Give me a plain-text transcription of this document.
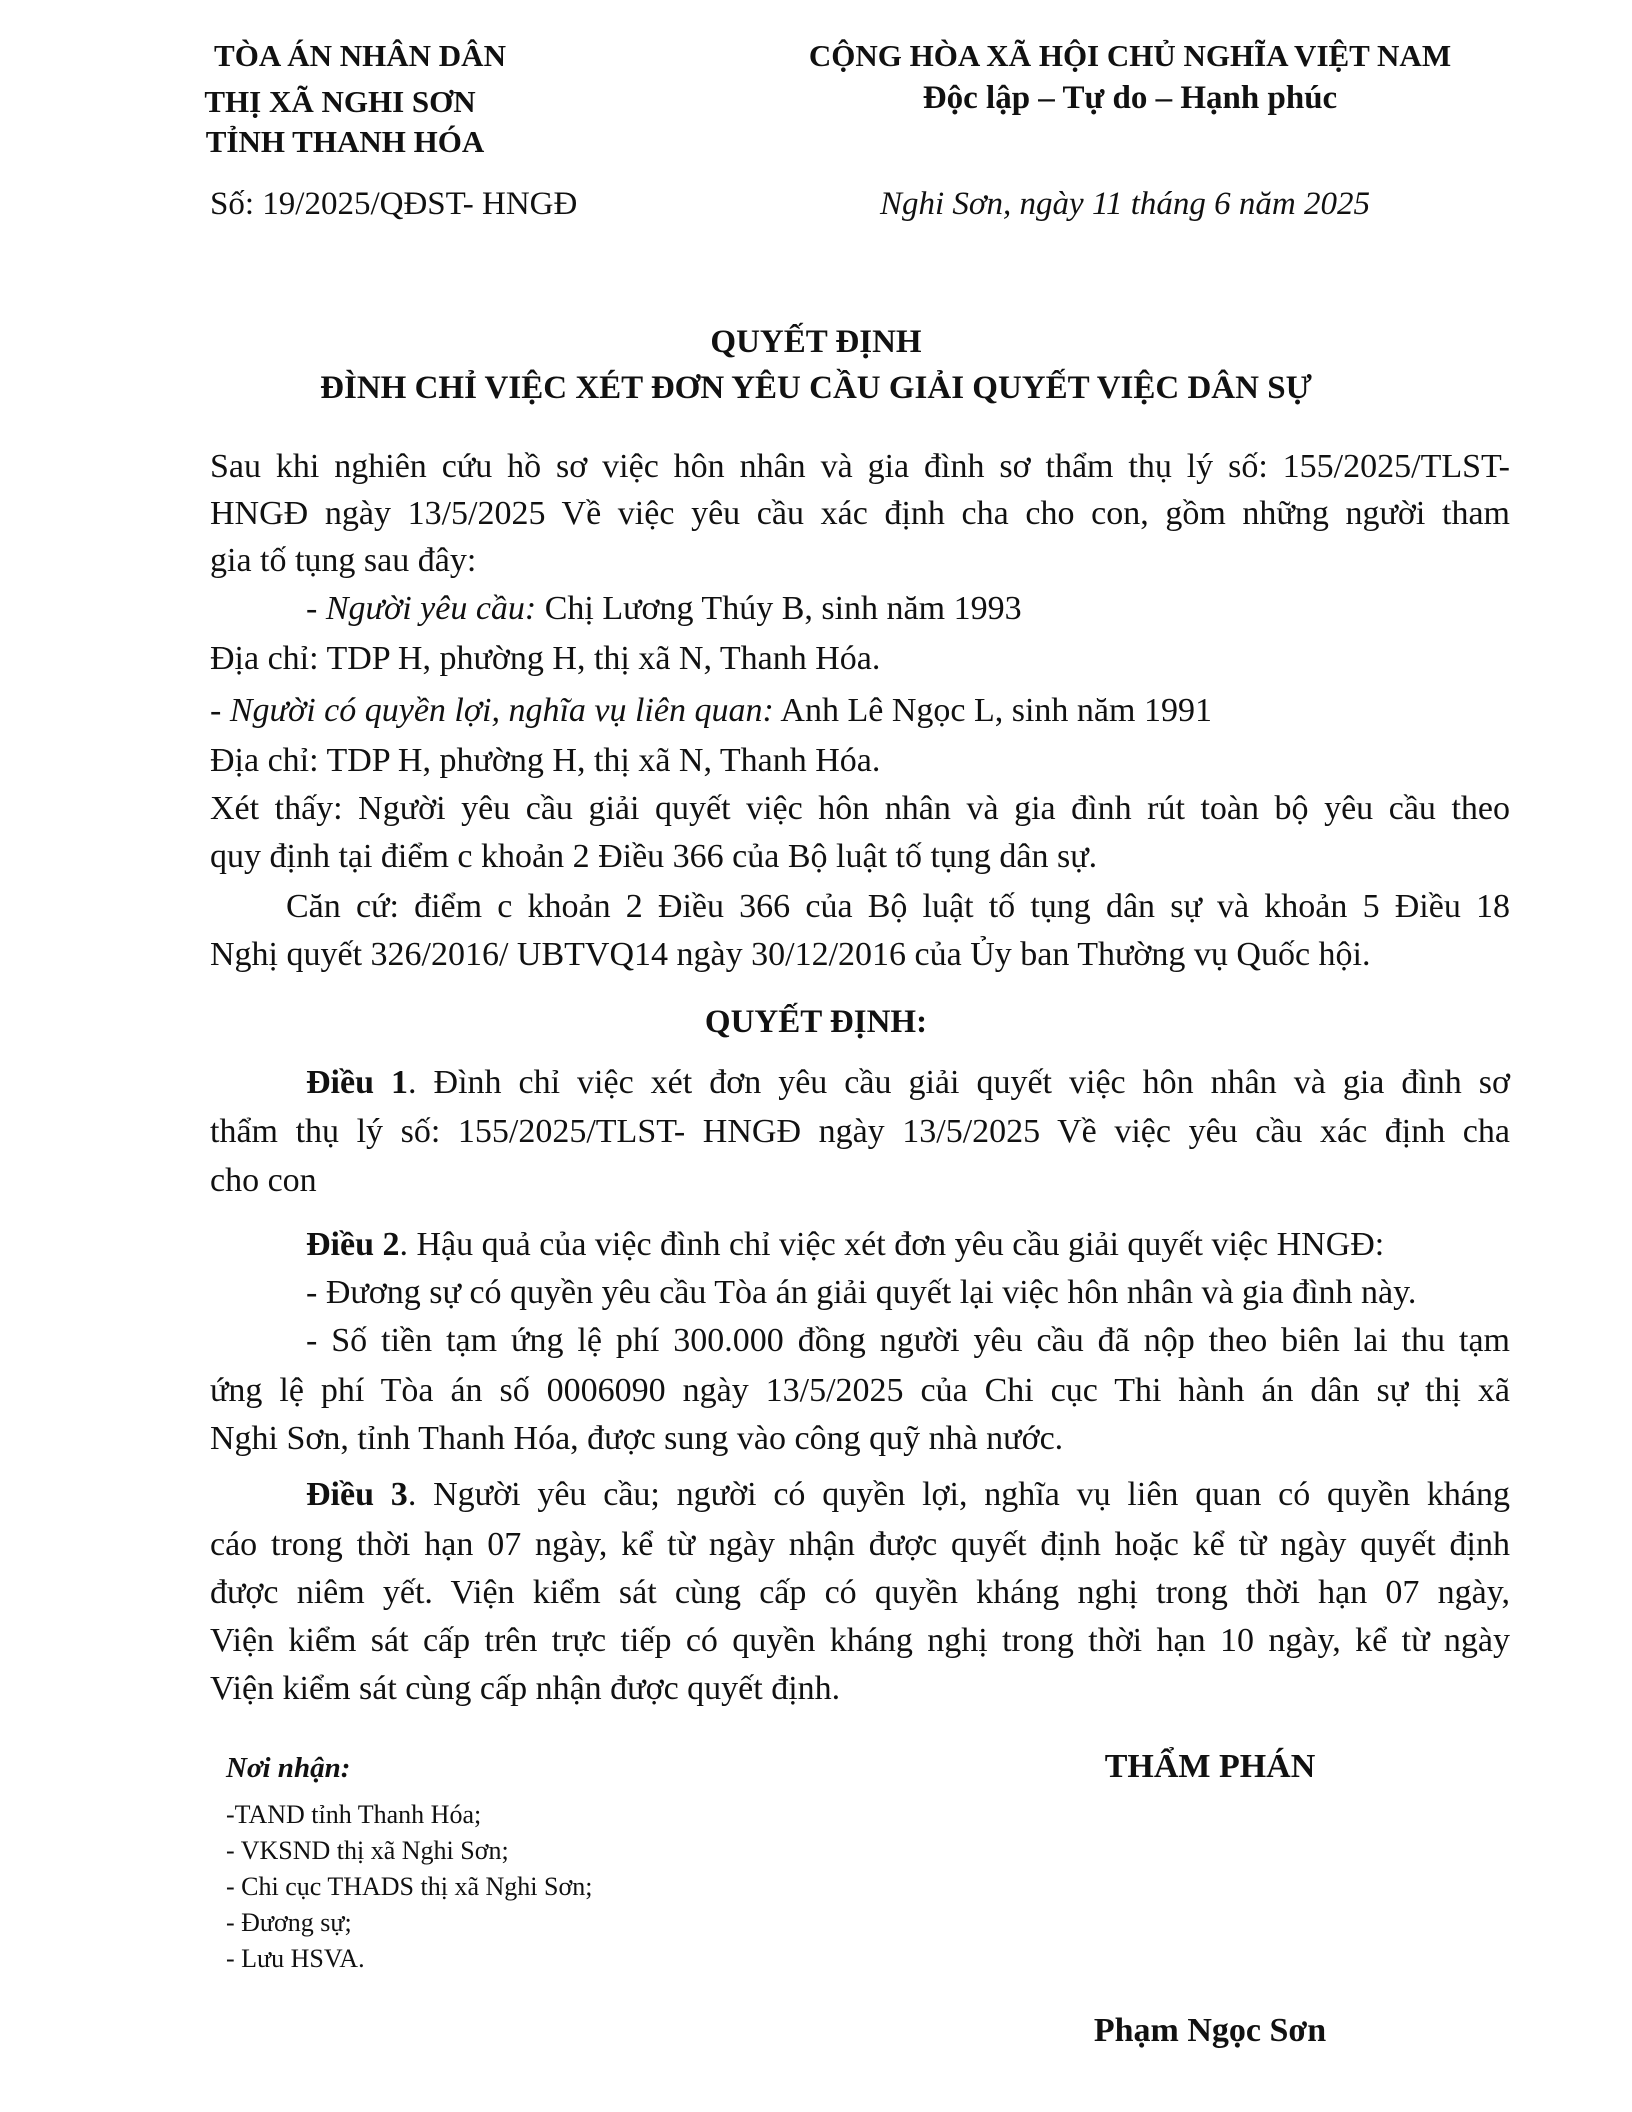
TÒA ÁN NHÂN DÂN
THỊ XÃ NGHI SƠN
TỈNH THANH HÓA
CỘNG HÒA XÃ HỘI CHỦ NGHĨA VIỆT NAM
Độc lập – Tự do – Hạnh phúc
Số: 19/2025/QĐST- HNGĐ	Nghi Sơn, ngày 11 tháng 6 năm 2025
QUYẾT ĐỊNH
ĐÌNH CHỈ VIỆC XÉT ĐƠN YÊU CẦU GIẢI QUYẾT VIỆC DÂN SỰ
Sau khi nghiên cứu hồ sơ việc hôn nhân và gia đình sơ thẩm thụ lý số: 155/2025/TLST-
HNGĐ ngày 13/5/2025 Về việc yêu cầu xác định cha cho con, gồm những người tham
gia tố tụng sau đây:
- Người yêu cầu: Chị Lương Thúy B, sinh năm 1993
Địa chỉ: TDP H, phường H, thị xã N, Thanh Hóa.
- Người có quyền lợi, nghĩa vụ liên quan: Anh Lê Ngọc L, sinh năm 1991
Địa chỉ: TDP H, phường H, thị xã N, Thanh Hóa.
Xét thấy: Người yêu cầu giải quyết việc hôn nhân và gia đình rút toàn bộ yêu cầu theo
quy định tại điểm c khoản 2 Điều 366 của Bộ luật tố tụng dân sự.
Căn cứ: điểm c khoản 2 Điều 366 của Bộ luật tố tụng dân sự và khoản 5 Điều 18
Nghị quyết 326/2016/ UBTVQ14 ngày 30/12/2016 của Ủy ban Thường vụ Quốc hội.
QUYẾT ĐỊNH:
Điều 1. Đình chỉ việc xét đơn yêu cầu giải quyết việc hôn nhân và gia đình sơ
thẩm thụ lý số: 155/2025/TLST- HNGĐ ngày 13/5/2025 Về việc yêu cầu xác định cha
cho con
Điều 2. Hậu quả của việc đình chỉ việc xét đơn yêu cầu giải quyết việc HNGĐ:
- Đương sự có quyền yêu cầu Tòa án giải quyết lại việc hôn nhân và gia đình này.
- Số tiền tạm ứng lệ phí 300.000 đồng người yêu cầu đã nộp theo biên lai thu tạm
ứng lệ phí Tòa án số 0006090 ngày 13/5/2025 của Chi cục Thi hành án dân sự thị xã
Nghi Sơn, tỉnh Thanh Hóa, được sung vào công quỹ nhà nước.
Điều 3. Người yêu cầu; người có quyền lợi, nghĩa vụ liên quan có quyền kháng
cáo trong thời hạn 07 ngày, kể từ ngày nhận được quyết định hoặc kể từ ngày quyết định
được niêm yết. Viện kiểm sát cùng cấp có quyền kháng nghị trong thời hạn 07 ngày,
Viện kiểm sát cấp trên trực tiếp có quyền kháng nghị trong thời hạn 10 ngày, kể từ ngày
Viện kiểm sát cùng cấp nhận được quyết định.
Nơi nhận:
-TAND tỉnh Thanh Hóa;
- VKSND thị xã Nghi Sơn;
- Chi cục THADS thị xã Nghi Sơn;
- Đương sự;
- Lưu HSVA.
THẨM PHÁN
Phạm Ngọc Sơn
